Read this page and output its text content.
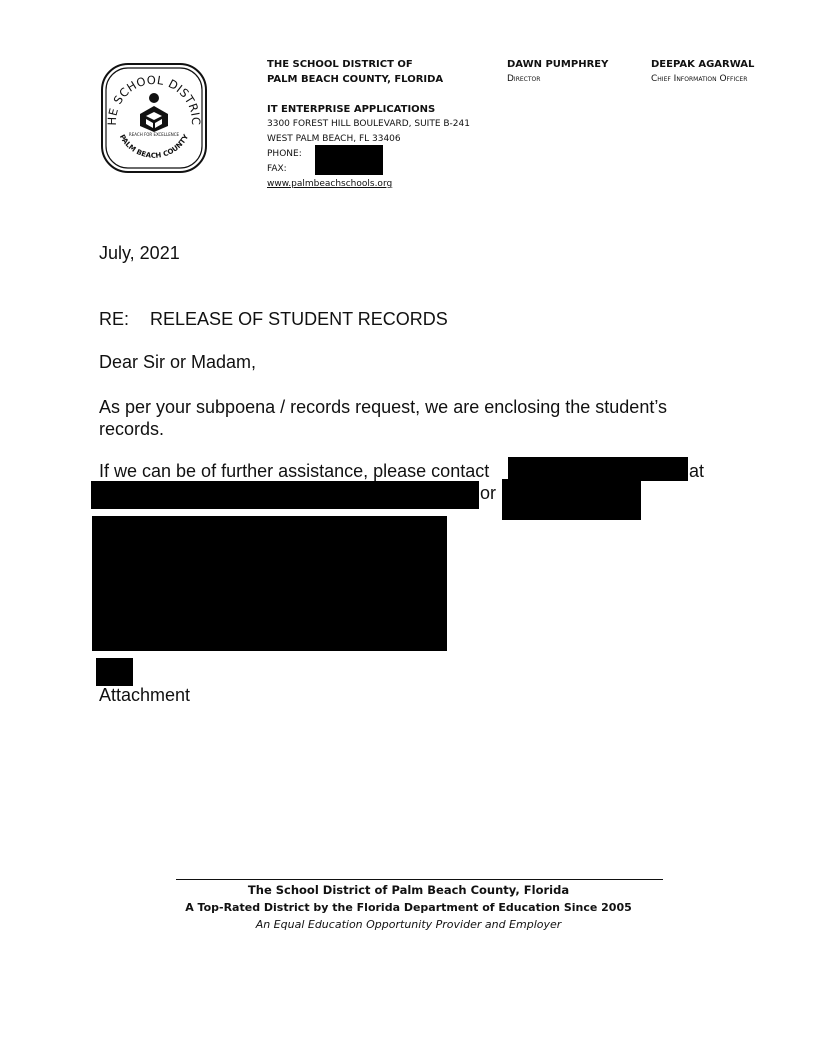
HE SCHOOL DISTRIC
PALM BEACH COUNTY
REACH FOR EXCELLENCE
THE SCHOOL DISTRICT OF
PALM BEACH COUNTY, FLORIDA
IT ENTERPRISE APPLICATIONS
3300 FOREST HILL BOULEVARD, SUITE B-241
WEST PALM BEACH, FL 33406
PHONE:
FAX:
www.palmbeachschools.org
DAWN PUMPHREY
Director
DEEPAK AGARWAL
Chief Information Officer
July, 2021
RE: RELEASE OF STUDENT RECORDS
Dear Sir or Madam,
As per your subpoena / records request, we are enclosing the student’s
records.
If we can be of further assistance, please contact	at
or
Attachment
The School District of Palm Beach County, Florida
A Top-Rated District by the Florida Department of Education Since 2005
An Equal Education Opportunity Provider and Employer
